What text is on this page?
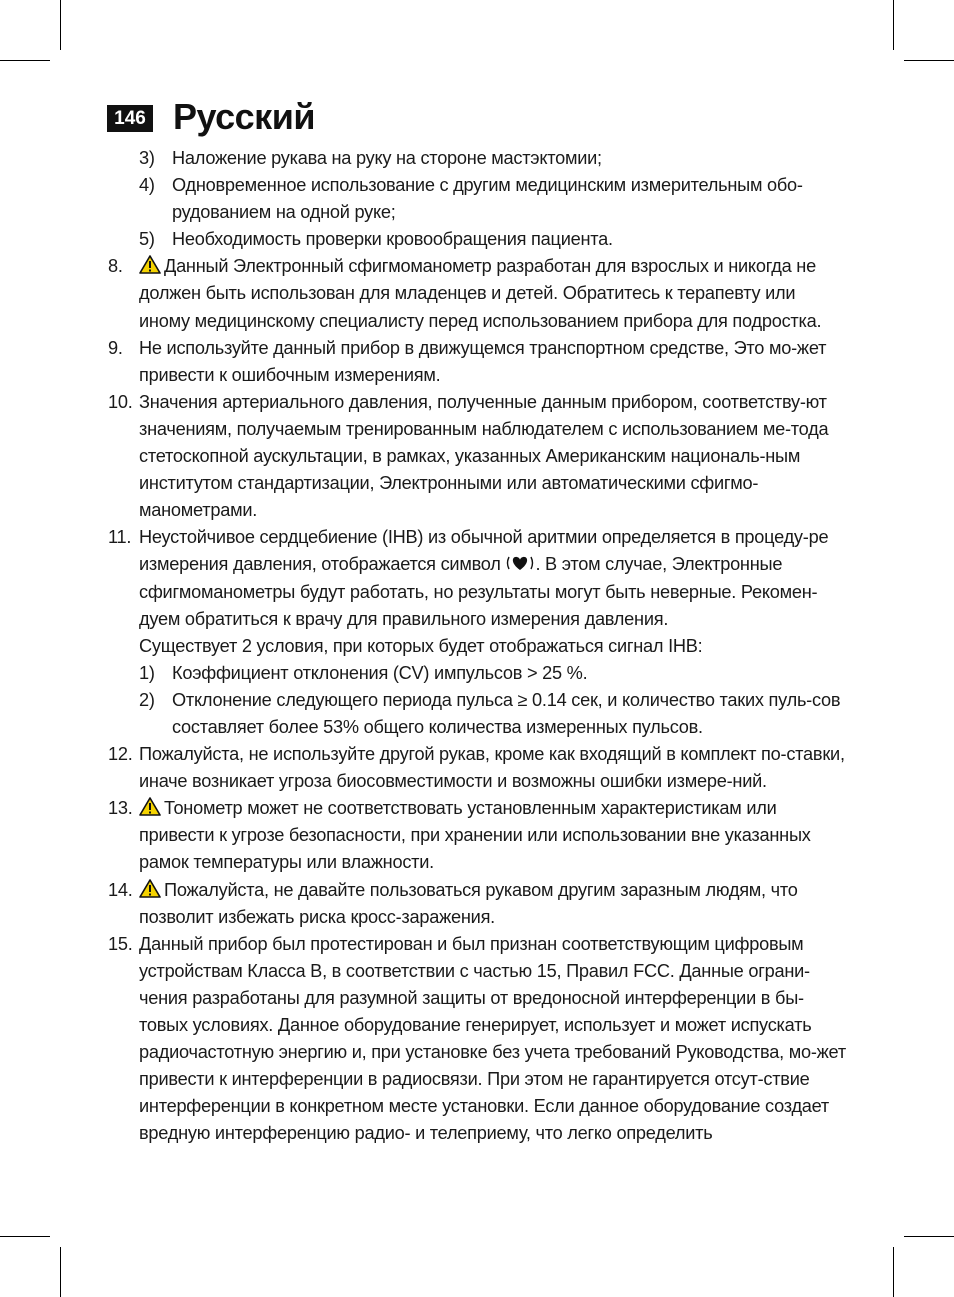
146 Русский
3) Наложение рукава на руку на стороне мастэктомии;
4) Одновременное использование с другим медицинским измерительным обо-рудованием на одной руке;
5) Необходимость проверки кровообращения пациента.
8.	Данный Электронный сфигмоманометр разработан для взрослых и никогда не должен быть использован для младенцев и детей. Обратитесь к терапевту или иному медицинскому специалисту перед использованием прибора для подростка.
9. Не используйте данный прибор в движущемся транспортном средстве, Это мо-жет привести к ошибочным измерениям.
10. Значения артериального давления, полученные данным прибором, соответству-ют значениям, получаемым тренированным наблюдателем с использованием ме-тода стетоскопной аускультации, в рамках, указанных Американским националь-ным институтом стандартизации, Электронными или автоматическими сфигмо-манометрами.
11. Неустойчивое сердцебиение (IHB) из обычной аритмии определяется в процеду-ре измерения давления, отображается символ . В этом случае, Электронные сфигмоманометры будут работать, но результаты могут быть неверные. Рекомен-дуем обратиться к врачу для правильного измерения давления.
Существует 2 условия, при которых будет отображаться сигнал IHB:
1) Коэффициент отклонения (CV) импульсов > 25 %.
2) Отклонение следующего периода пульса ≥ 0.14 сек, и количество таких пуль-сов составляет более 53% общего количества измеренных пульсов.
12. Пожалуйста, не используйте другой рукав, кроме как входящий в комплект по-ставки, иначе возникает угроза биосовместимости и возможны ошибки измере-ний.
13.	Тонометр может не соответствовать установленным характеристикам или привести к угрозе безопасности, при хранении или использовании вне указанных рамок температуры или влажности.
14.	Пожалуйста, не давайте пользоваться рукавом другим заразным людям, что позволит избежать риска кросс-заражения.
15. Данный прибор был протестирован и был признан соответствующим цифровым устройствам Класса B, в соответствии с частью 15, Правил FCC. Данные ограни-чения разработаны для разумной защиты от вредоносной интерференции в бы-товых условиях. Данное оборудование генерирует, использует и может испускать радиочастотную энергию и, при установке без учета требований Руководства, мо-жет привести к интерференции в радиосвязи. При этом не гарантируется отсут-ствие интерференции в конкретном месте установки. Если данное оборудование создает вредную интерференцию радио- и телеприему, что легко определить
